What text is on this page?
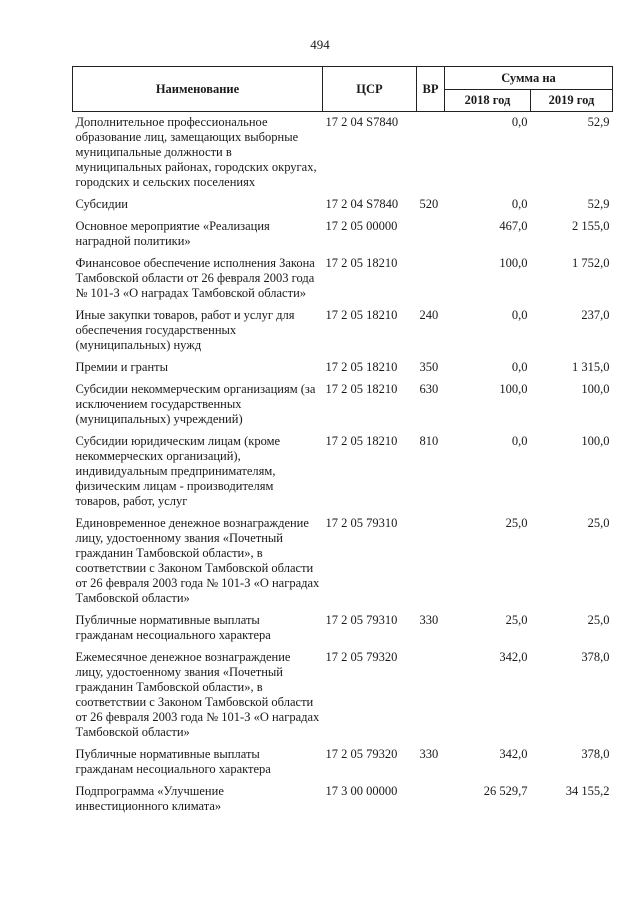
494
Наименование	ЦСР	ВР	Сумма на	
			2018 год	2019 год
Дополнительное профессиональное образование лиц, замещающих выборные муниципальные должности в муниципальных районах, городских округах, городских и сельских поселениях	17 2 04 S7840		0,0	52,9
Субсидии	17 2 04 S7840	520	0,0	52,9
Основное мероприятие «Реализация наградной политики»	17 2 05 00000		467,0	2 155,0
Финансовое обеспечение исполнения Закона Тамбовской области от 26 февраля 2003 года № 101-З «О наградах Тамбовской области»	17 2 05 18210		100,0	1 752,0
Иные закупки товаров, работ и услуг для обеспечения государственных (муниципальных) нужд	17 2 05 18210	240	0,0	237,0
Премии и гранты	17 2 05 18210	350	0,0	1 315,0
Субсидии некоммерческим организациям (за исключением государственных (муниципальных) учреждений)	17 2 05 18210	630	100,0	100,0
Субсидии юридическим лицам (кроме некоммерческих организаций), индивидуальным предпринимателям, физическим лицам - производителям товаров, работ, услуг	17 2 05 18210	810	0,0	100,0
Единовременное денежное вознаграждение лицу, удостоенному звания «Почетный гражданин Тамбовской области», в соответствии с Законом Тамбовской области от 26 февраля 2003 года № 101-З «О наградах Тамбовской области»	17 2 05 79310		25,0	25,0
Публичные нормативные выплаты гражданам несоциального характера	17 2 05 79310	330	25,0	25,0
Ежемесячное денежное вознаграждение лицу, удостоенному звания «Почетный гражданин Тамбовской области», в соответствии с Законом Тамбовской области от 26 февраля 2003 года № 101-З «О наградах Тамбовской области»	17 2 05 79320		342,0	378,0
Публичные нормативные выплаты гражданам несоциального характера	17 2 05 79320	330	342,0	378,0
Подпрограмма «Улучшение инвестиционного климата»	17 3 00 00000		26 529,7	34 155,2
